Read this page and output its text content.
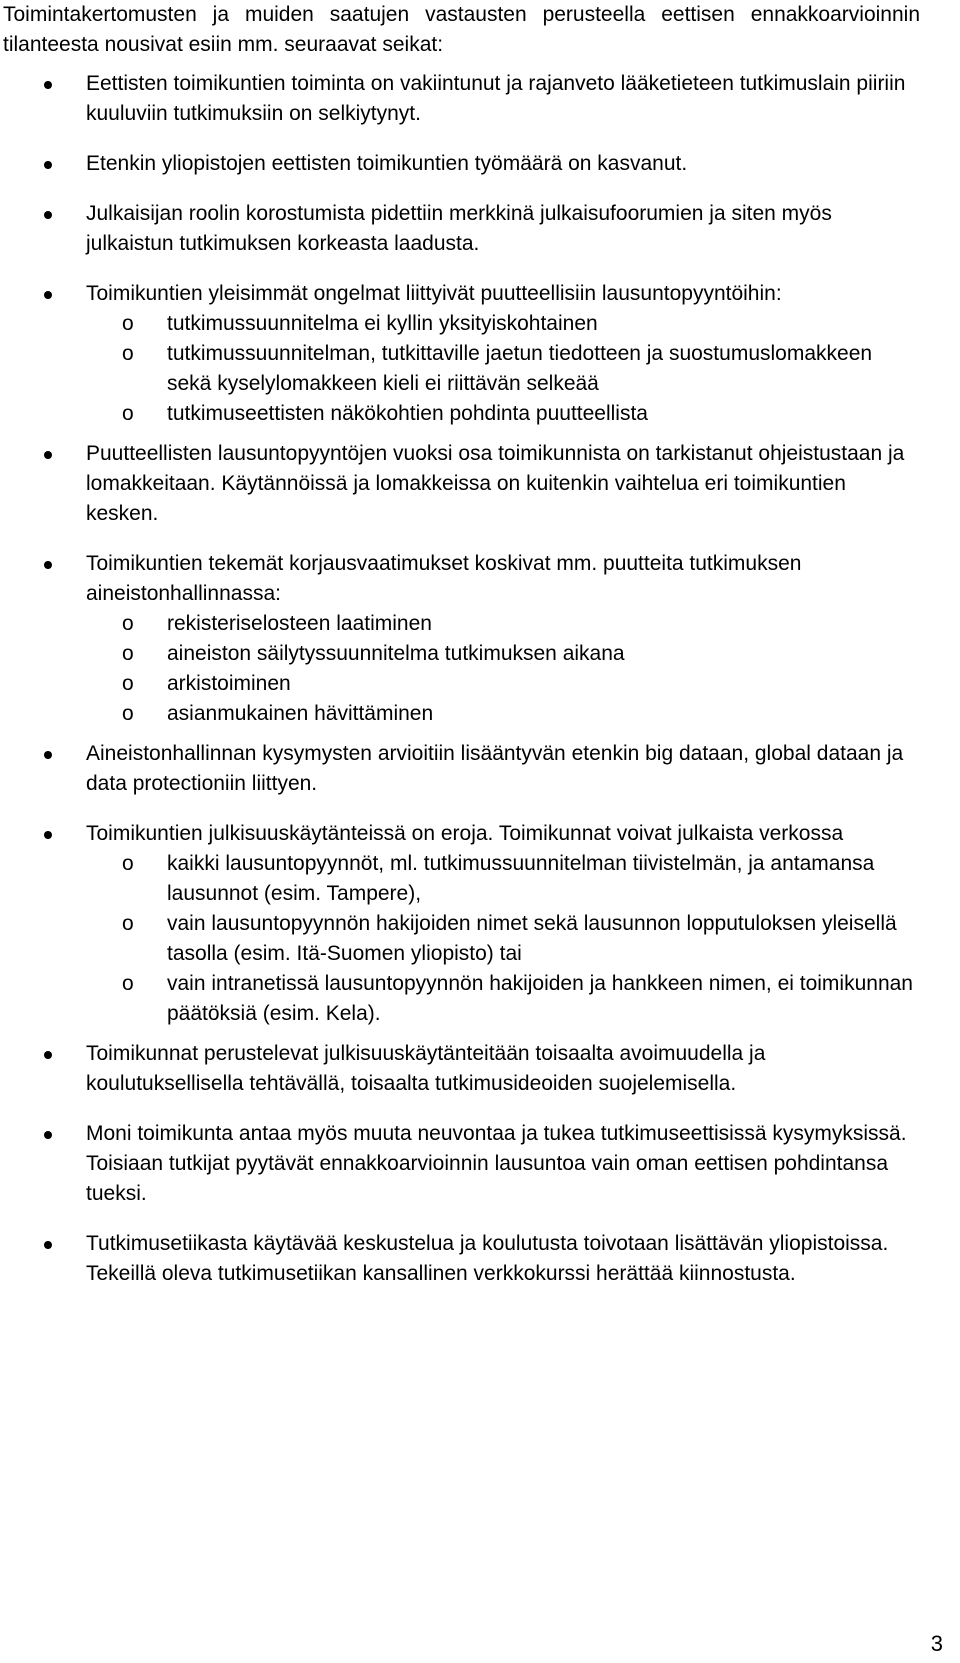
Toimintakertomusten ja muiden saatujen vastausten perusteella eettisen ennakkoarvioinnin tilanteesta nousivat esiin mm. seuraavat seikat:

Eettisten toimikuntien toiminta on vakiintunut ja rajanveto lääketieteen tutkimuslain piiriin kuuluviin tutkimuksiin on selkiytynyt.
Etenkin yliopistojen eettisten toimikuntien työmäärä on kasvanut.
Julkaisijan roolin korostumista pidettiin merkkinä julkaisufoorumien ja siten myös julkaistun tutkimuksen korkeasta laadusta.
Toimikuntien yleisimmät ongelmat liittyivät puutteellisiin lausuntopyyntöihin:
o	tutkimussuunnitelma ei kyllin yksityiskohtainen
o	tutkimussuunnitelman, tutkittaville jaetun tiedotteen ja suostumuslomakkeen sekä kyselylomakkeen kieli ei riittävän selkeää
o	tutkimuseettisten näkökohtien pohdinta puutteellista
Puutteellisten lausuntopyyntöjen vuoksi osa toimikunnista on tarkistanut ohjeistustaan ja lomakkeitaan. Käytännöissä ja lomakkeissa on kuitenkin vaihtelua eri toimikuntien kesken.
Toimikuntien tekemät korjausvaatimukset koskivat mm. puutteita tutkimuksen aineistonhallinnassa:
o	rekisteriselosteen laatiminen
o	aineiston säilytyssuunnitelma tutkimuksen aikana
o	arkistoiminen
o	asianmukainen hävittäminen
Aineistonhallinnan kysymysten arvioitiin lisääntyvän etenkin big dataan, global dataan ja data protectioniin liittyen.
Toimikuntien julkisuuskäytänteissä on eroja. Toimikunnat voivat julkaista verkossa
o	kaikki lausuntopyynnöt, ml. tutkimussuunnitelman tiivistelmän, ja antamansa lausunnot (esim. Tampere),
o	vain lausuntopyynnön hakijoiden nimet sekä lausunnon lopputuloksen yleisellä tasolla (esim. Itä-Suomen yliopisto) tai
o	vain intranetissä lausuntopyynnön hakijoiden ja hankkeen nimen, ei toimikunnan päätöksiä (esim. Kela).
Toimikunnat perustelevat julkisuuskäytänteitään toisaalta avoimuudella ja koulutuksellisella tehtävällä, toisaalta tutkimusideoiden suojelemisella.
Moni toimikunta antaa myös muuta neuvontaa ja tukea tutkimuseettisissä kysymyksissä. Toisiaan tutkijat pyytävät ennakkoarvioinnin lausuntoa vain oman eettisen pohdintansa tueksi.
Tutkimusetiikasta käytävää keskustelua ja koulutusta toivotaan lisättävän yliopistoissa. Tekeillä oleva tutkimusetiikan kansallinen verkkokurssi herättää kiinnostusta.
3
